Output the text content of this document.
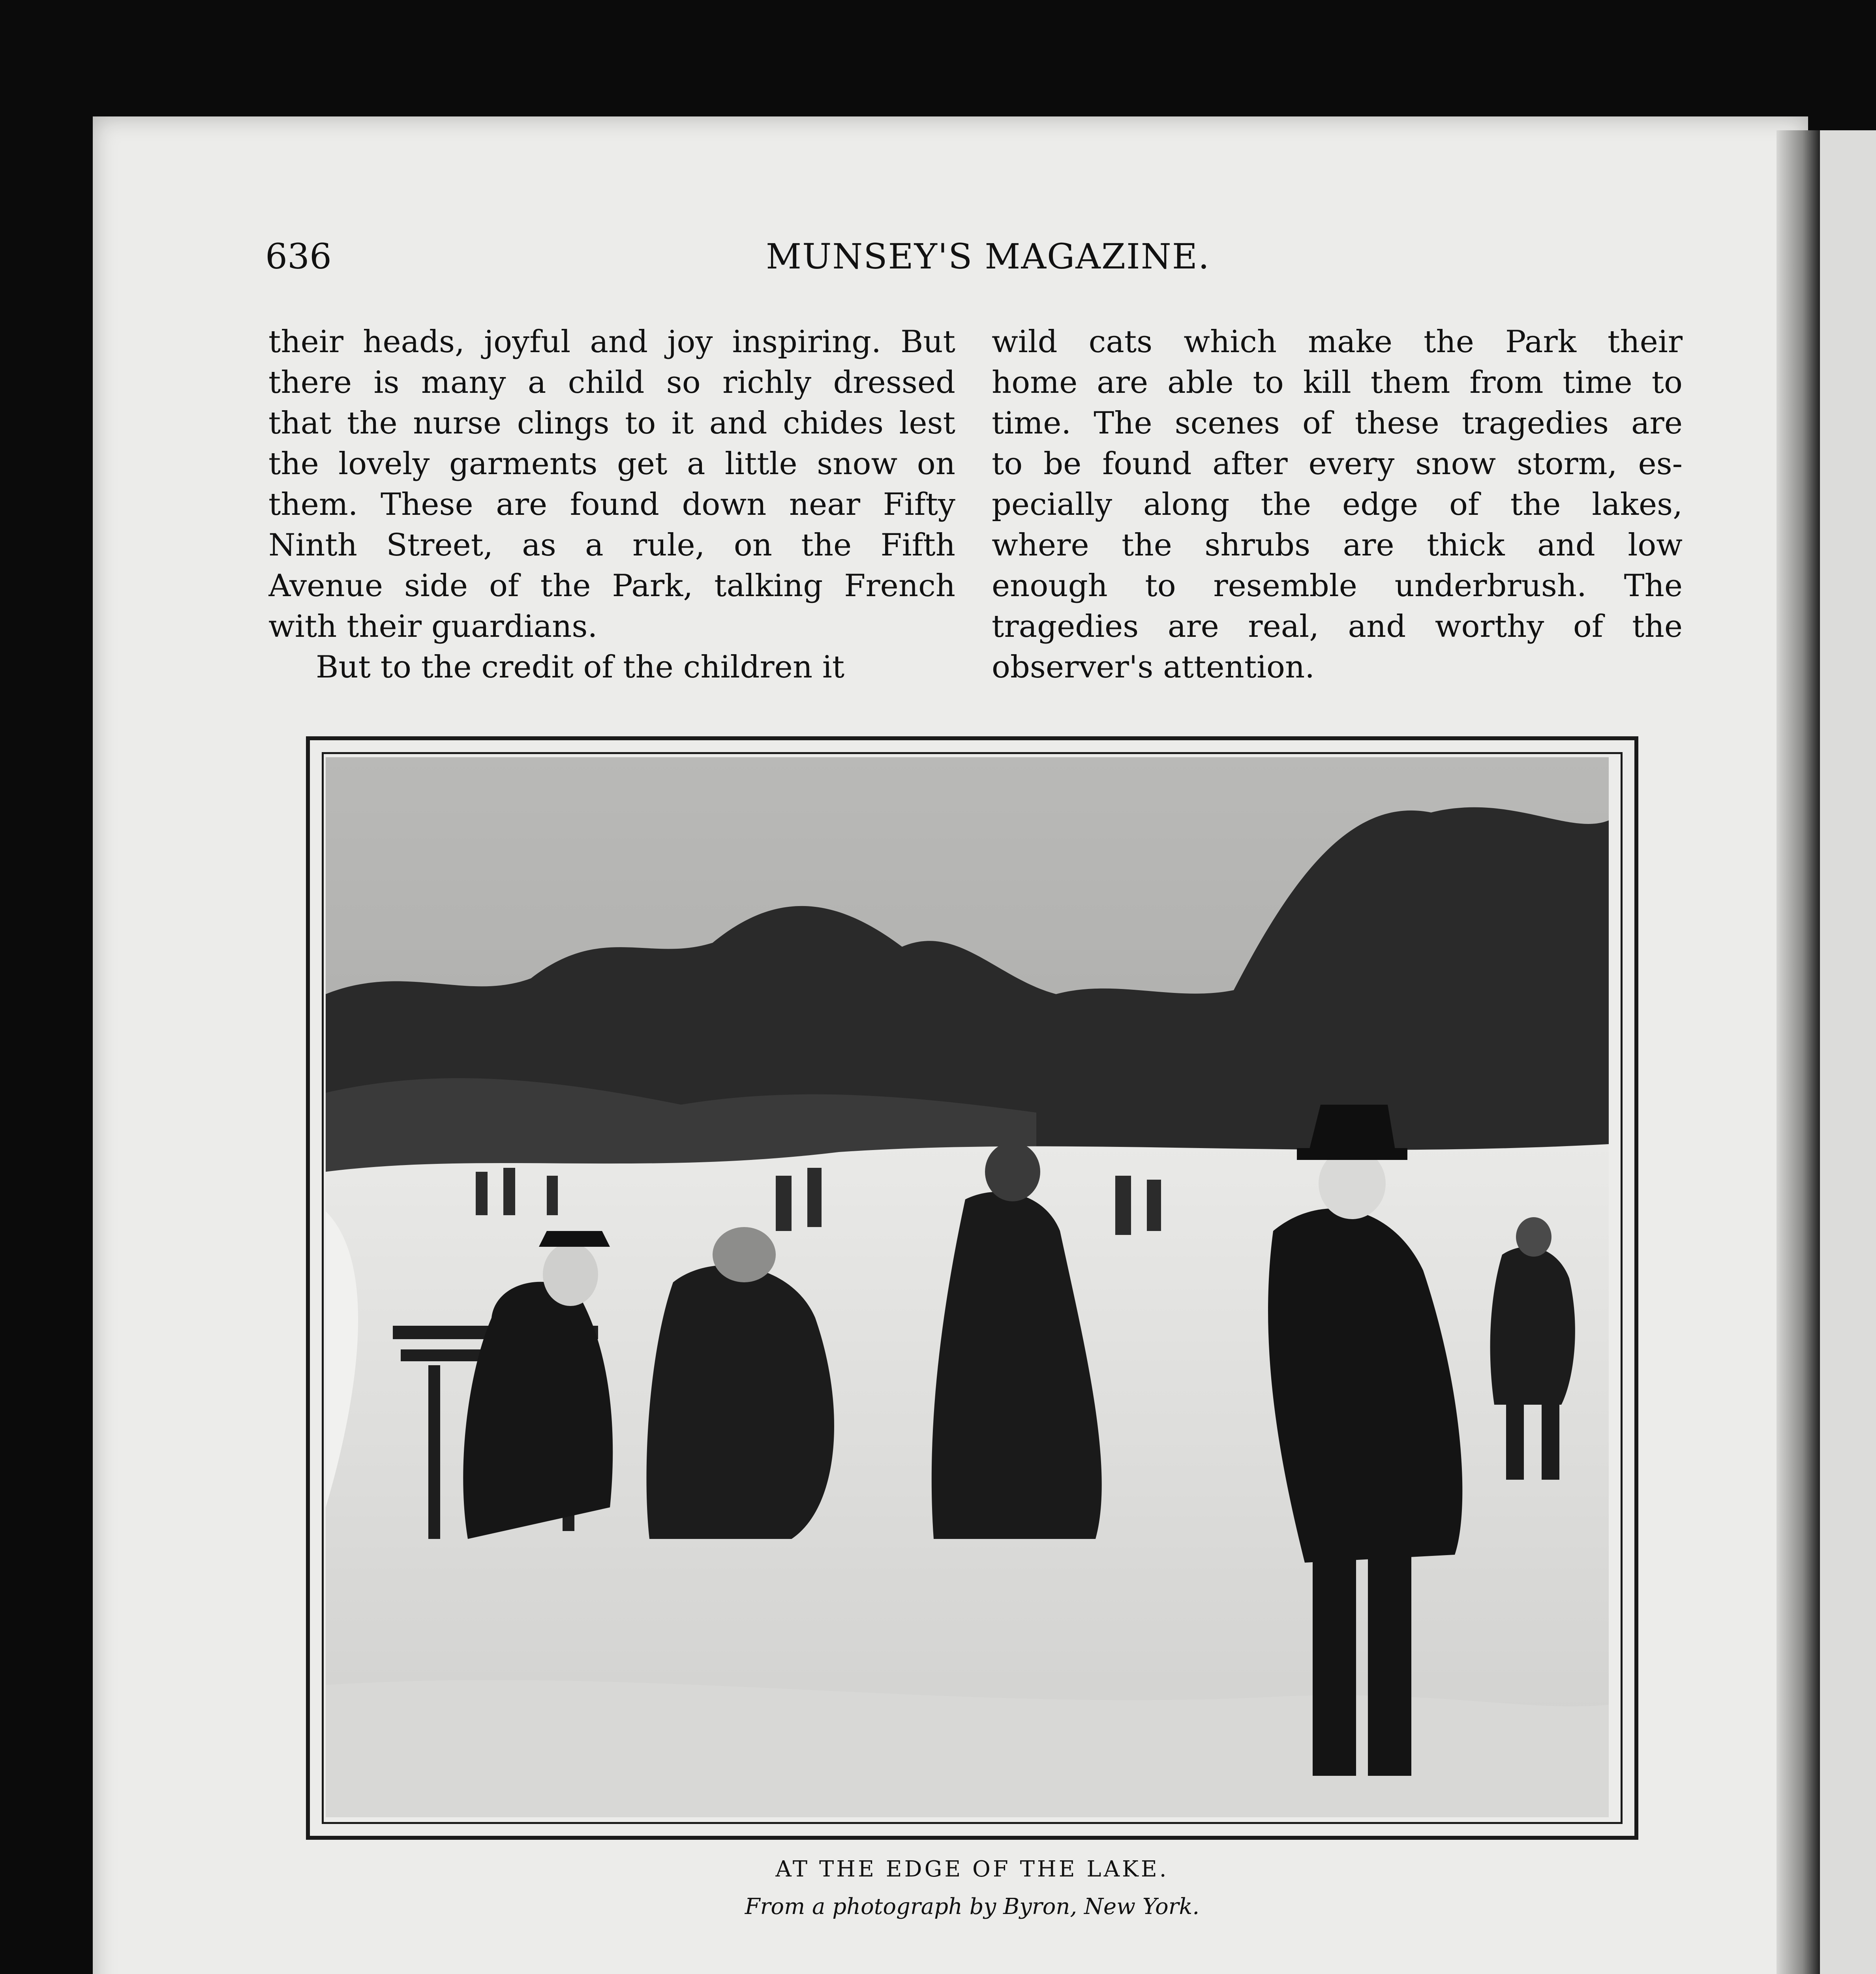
636	MUNSEY'S MAGAZINE.
their heads, joyful and joy inspiring. But
there is many a child so richly dressed
that the nurse clings to it and chides lest
the lovely garments get a little snow on
them. These are found down near Fifty
Ninth Street, as a rule, on the Fifth
Avenue side of the Park, talking French
with their guardians.
But to the credit of the children it
wild cats which make the Park their
home are able to kill them from time to
time. The scenes of these tragedies are
to be found after every snow storm, es-
pecially along the edge of the lakes,
where the shrubs are thick and low
enough to resemble underbrush. The
tragedies are real, and worthy of the
observer's attention.
AT THE EDGE OF THE LAKE.
From a photograph by Byron, New York.
